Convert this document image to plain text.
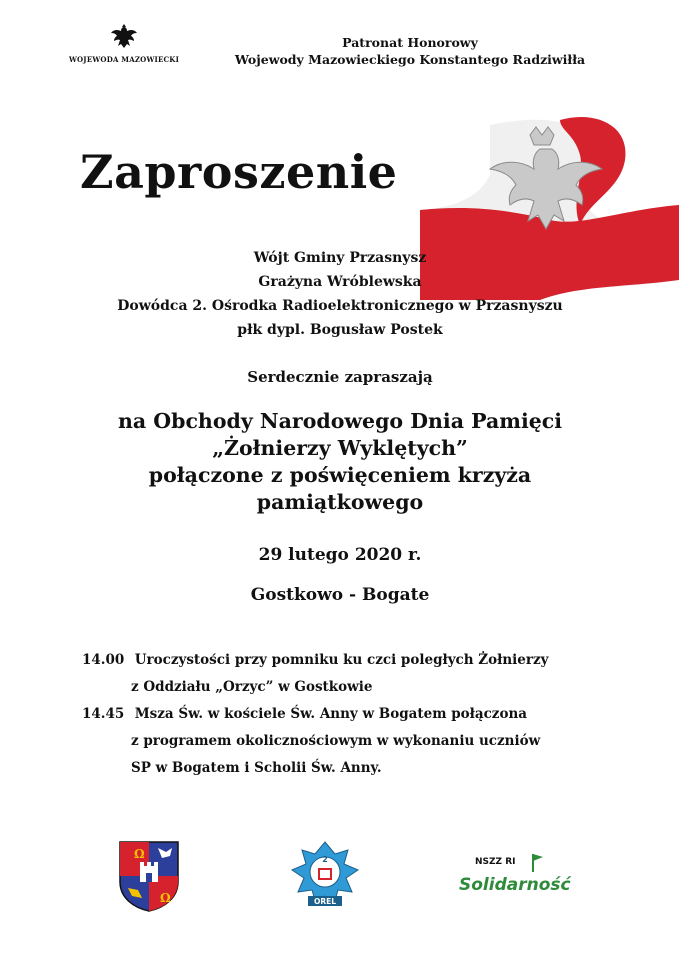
WOJEWODA MAZOWIECKI
Patronat Honorowy
Wojewody Mazowieckiego Konstantego Radziwiłła
Zaproszenie
Wójt Gminy Przasnysz
Grażyna Wróblewska
Dowódca 2. Ośrodka Radioelektronicznego w Przasnyszu
płk dypl. Bogusław Postek
Serdecznie zapraszają
na Obchody Narodowego Dnia Pamięci
„Żołnierzy Wyklętych”
połączone z poświęceniem krzyża
pamiątkowego
29 lutego 2020 r.
Gostkowo - Bogate
14.00 Uroczystości przy pomniku ku czci poległych Żołnierzy
z Oddziału „Orzyc” w Gostkowie
14.45 Msza Św. w kościele Św. Anny w Bogatem połączona
z programem okolicznościowym w wykonaniu uczniów
SP w Bogatem i Scholii Św. Anny.
Ω
Ω
2
OREL
NSZZ RI
Solidarność
